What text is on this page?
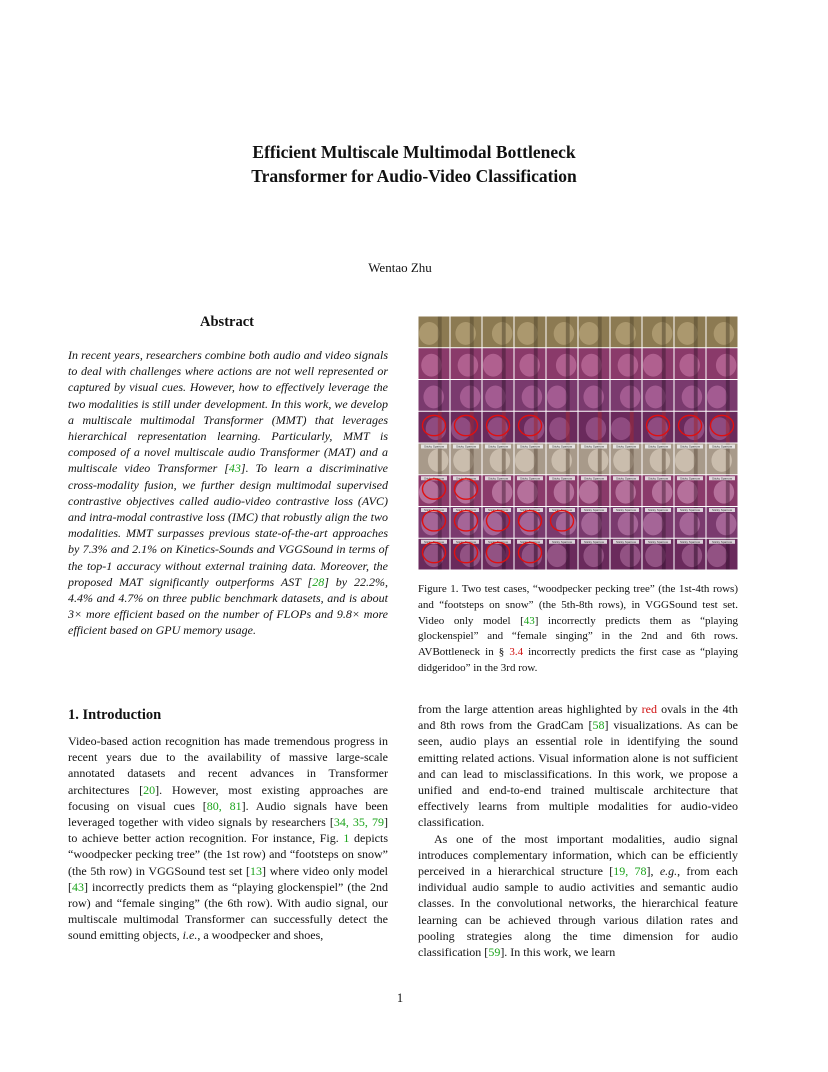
Efficient Multiscale Multimodal Bottleneck
Transformer for Audio-Video Classification
Wentao Zhu
Abstract
In recent years, researchers combine both audio and video signals to deal with challenges where actions are not well represented or captured by visual cues. However, how to effectively leverage the two modalities is still under development. In this work, we develop a multiscale multimodal Transformer (MMT) that leverages hierarchical representation learning. Particularly, MMT is composed of a novel multiscale audio Transformer (MAT) and a multiscale video Transformer [43]. To learn a discriminative cross-modality fusion, we further design multimodal supervised contrastive objectives called audio-video contrastive loss (AVC) and intra-modal contrastive loss (IMC) that robustly align the two modalities. MMT surpasses previous state-of-the-art approaches by 7.3% and 2.1% on Kinetics-Sounds and VGGSound in terms of the top-1 accuracy without external training data. Moreover, the proposed MAT significantly outperforms AST [28] by 22.2%, 4.4% and 4.7% on three public benchmark datasets, and is about 3× more efficient based on the number of FLOPs and 9.8× more efficient based on GPU memory usage.
Sticky Sparrow	Sticky Sparrow	Sticky Sparrow	Sticky Sparrow	Sticky Sparrow	Sticky Sparrow	Sticky Sparrow	Sticky Sparrow	Sticky Sparrow	Sticky Sparrow
Sticky Sparrow	Sticky Sparrow	Sticky Sparrow	Sticky Sparrow	Sticky Sparrow	Sticky Sparrow	Sticky Sparrow	Sticky Sparrow	Sticky Sparrow	Sticky Sparrow
Sticky Sparrow	Sticky Sparrow	Sticky Sparrow	Sticky Sparrow	Sticky Sparrow	Sticky Sparrow	Sticky Sparrow	Sticky Sparrow	Sticky Sparrow	Sticky Sparrow
Sticky Sparrow	Sticky Sparrow	Sticky Sparrow	Sticky Sparrow	Sticky Sparrow	Sticky Sparrow	Sticky Sparrow	Sticky Sparrow	Sticky Sparrow	Sticky Sparrow
Figure 1. Two test cases, “woodpecker pecking tree” (the 1st-4th rows) and “footsteps on snow” (the 5th-8th rows), in VGGSound test set. Video only model [43] incorrectly predicts them as “playing glockenspiel” and “female singing” in the 2nd and 6th rows. AVBottleneck in § 3.4 incorrectly predicts the first case as “playing didgeridoo” in the 3rd row.
1. Introduction

Video-based action recognition has made tremendous progress in recent years due to the availability of massive large-scale annotated datasets and recent advances in Transformer architectures [20]. However, most existing approaches are focusing on visual cues [80, 81]. Audio signals have been leveraged together with video signals by researchers [34, 35, 79] to achieve better action recognition. For instance, Fig. 1 depicts “woodpecker pecking tree” (the 1st row) and “footsteps on snow” (the 5th row) in VGGSound test set [13] where video only model [43] incorrectly predicts them as “playing glockenspiel” (the 2nd row) and “female singing” (the 6th row). With audio signal, our multiscale multimodal Transformer can successfully detect the sound emitting objects, i.e., a woodpecker and shoes,

from the large attention areas highlighted by red ovals in the 4th and 8th rows from the GradCam [58] visualizations. As can be seen, audio plays an essential role in identifying the sound emitting related actions. Visual information alone is not sufficient and can lead to misclassifications. In this work, we propose a unified and end-to-end trained multiscale architecture that effectively learns from multiple modalities for audio-video classification.

As one of the most important modalities, audio signal introduces complementary information, which can be efficiently perceived in a hierarchical structure [19, 78], e.g., from each individual audio sample to audio activities and semantic audio classes. In the convolutional networks, the hierarchical feature learning can be achieved through various dilation rates and pooling strategies along the time dimension for audio classification [59]. In this work, we learn

1
